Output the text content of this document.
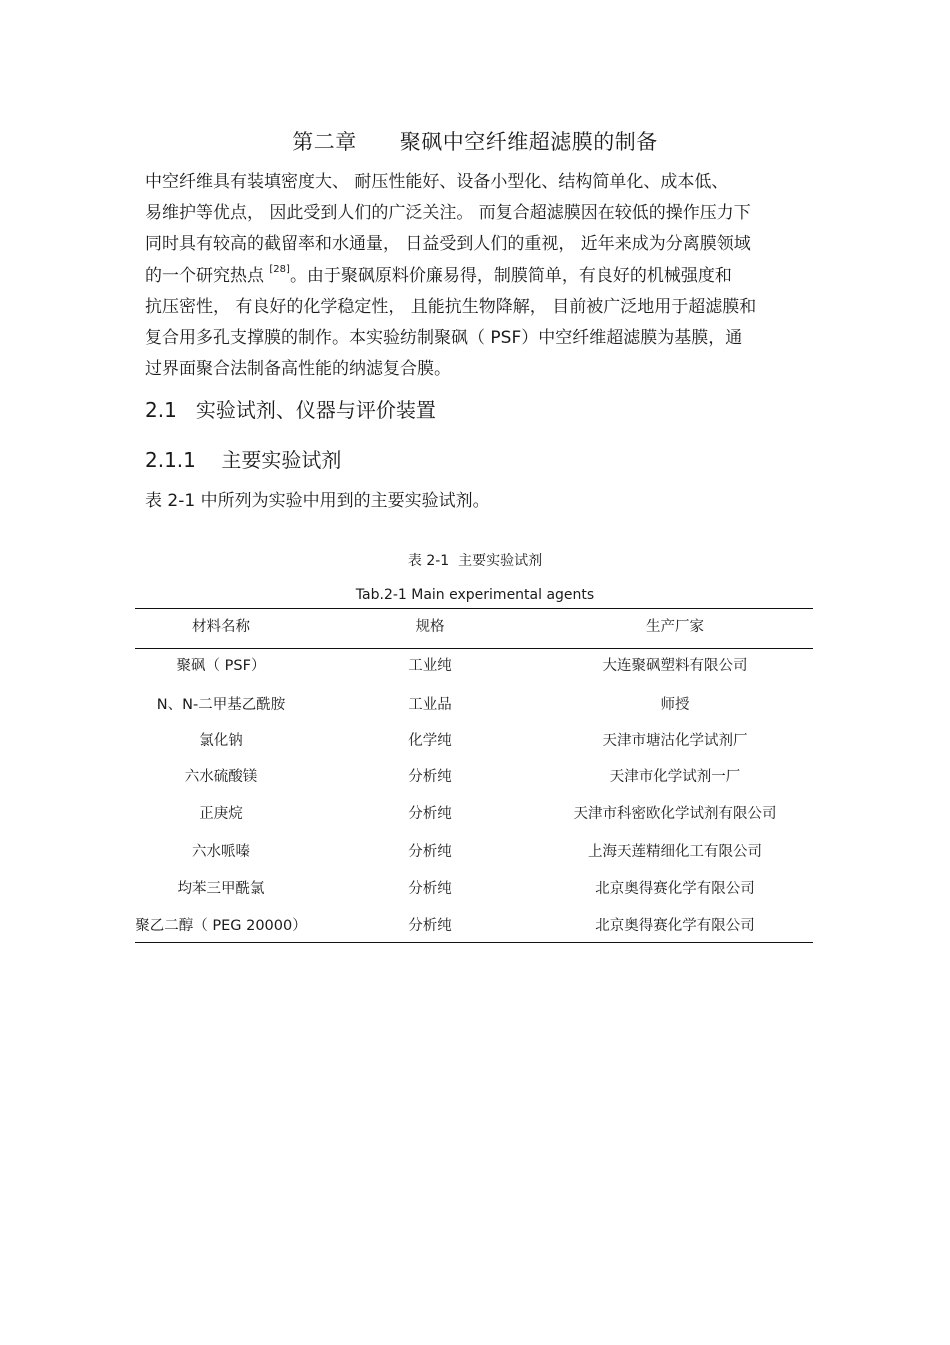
第二章      聚砜中空纤维超滤膜的制备
中空纤维具有装填密度大、 耐压性能好、设备小型化、结构简单化、成本低、
易维护等优点， 因此受到人们的广泛关注。 而复合超滤膜因在较低的操作压力下
同时具有较高的截留率和水通量， 日益受到人们的重视， 近年来成为分离膜领域
的一个研究热点 [28]。由于聚砜原料价廉易得，制膜简单，有良好的机械强度和
抗压密性， 有良好的化学稳定性， 且能抗生物降解， 目前被广泛地用于超滤膜和
复合用多孔支撑膜的制作。本实验纺制聚砜（ PSF）中空纤维超滤膜为基膜，通
过界面聚合法制备高性能的纳滤复合膜。
2.1   实验试剂、仪器与评价装置
2.1.1    主要实验试剂
表 2-1 中所列为实验中用到的主要实验试剂。
表 2-1  主要实验试剂
Tab.2-1 Main experimental agents
材料名称	规格	生产厂家
聚砜（ PSF）	工业纯	大连聚砜塑料有限公司
N、N-二甲基乙酰胺	工业品	师授
氯化钠	化学纯	天津市塘沽化学试剂厂
六水硫酸镁	分析纯	天津市化学试剂一厂
正庚烷	分析纯	天津市科密欧化学试剂有限公司
六水哌嗪	分析纯	上海天莲精细化工有限公司
均苯三甲酰氯	分析纯	北京奥得赛化学有限公司
聚乙二醇（ PEG 20000）	分析纯	北京奥得赛化学有限公司
